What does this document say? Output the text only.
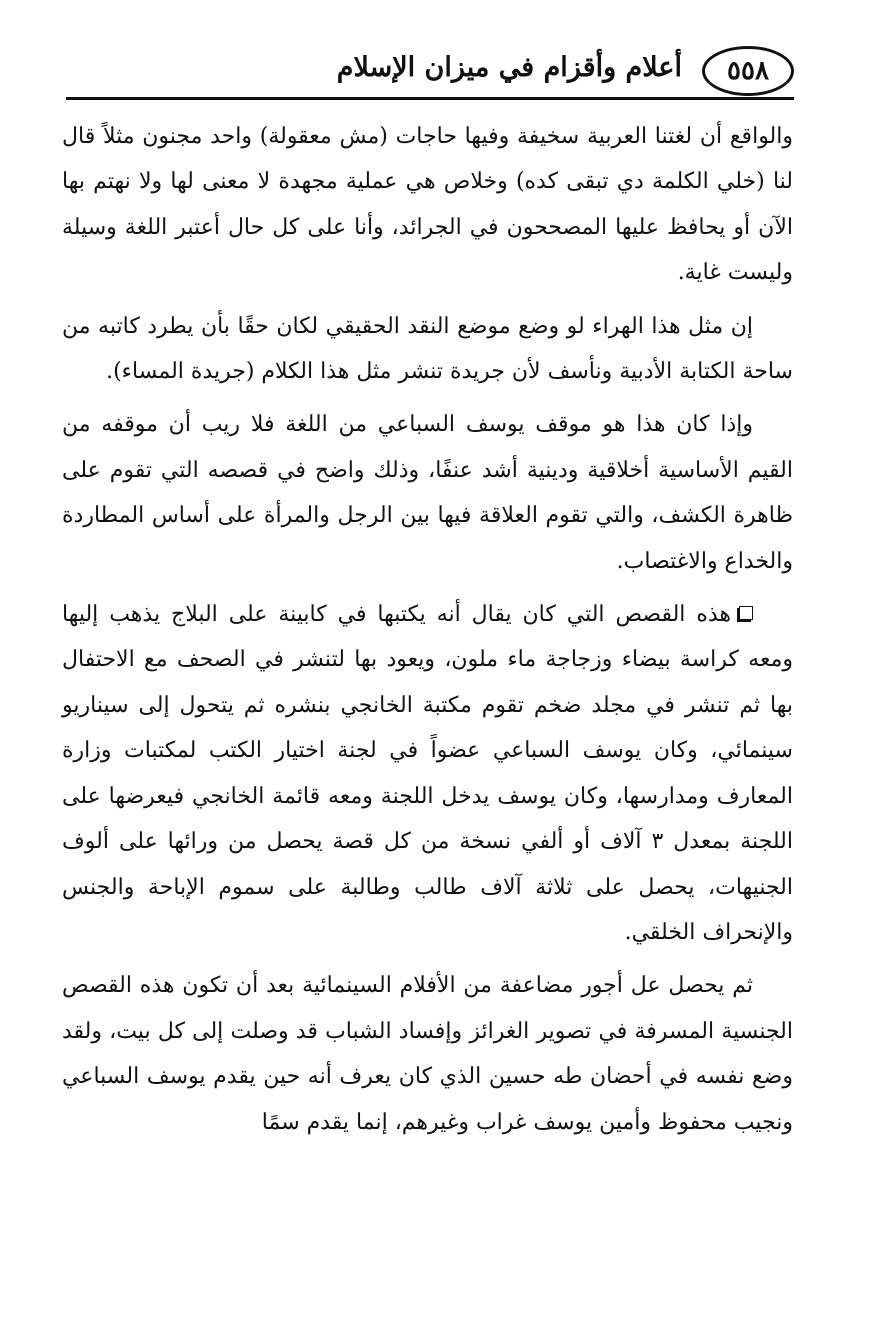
٥٥٨
أعلام وأقزام في ميزان الإسلام

والواقع أن لغتنا العربية سخيفة وفيها حاجات (مش معقولة) واحد مجنون مثلاً قال لنا (خلي الكلمة دي تبقى كده) وخلاص هي عملية مجهدة لا معنى لها ولا نهتم بها الآن أو يحافظ عليها المصححون في الجرائد، وأنا على كل حال أعتبر اللغة وسيلة وليست غاية.

إن مثل هذا الهراء لو وضع موضع النقد الحقيقي لكان حقًا بأن يطرد كاتبه من ساحة الكتابة الأدبية ونأسف لأن جريدة تنشر مثل هذا الكلام (جريدة المساء).

وإذا كان هذا هو موقف يوسف السباعي من اللغة فلا ريب أن موقفه من القيم الأساسية أخلاقية ودينية أشد عنفًا، وذلك واضح في قصصه التي تقوم على ظاهرة الكشف، والتي تقوم العلاقة فيها بين الرجل والمرأة على أساس المطاردة والخداع والاغتصاب.

هذه القصص التي كان يقال أنه يكتبها في كابينة على البلاج يذهب إليها ومعه كراسة بيضاء وزجاجة ماء ملون، ويعود بها لتنشر في الصحف مع الاحتفال بها ثم تنشر في مجلد ضخم تقوم مكتبة الخانجي بنشره ثم يتحول إلى سيناريو سينمائي، وكان يوسف السباعي عضواً في لجنة اختيار الكتب لمكتبات وزارة المعارف ومدارسها، وكان يوسف يدخل اللجنة ومعه قائمة الخانجي فيعرضها على اللجنة بمعدل ٣ آلاف أو ألفي نسخة من كل قصة يحصل من ورائها على ألوف الجنيهات، يحصل على ثلاثة آلاف طالب وطالبة على سموم الإباحة والجنس والإنحراف الخلقي.

ثم يحصل عل أجور مضاعفة من الأفلام السينمائية بعد أن تكون هذه القصص الجنسية المسرفة في تصوير الغرائز وإفساد الشباب قد وصلت إلى كل بيت، ولقد وضع نفسه في أحضان طه حسين الذي كان يعرف أنه حين يقدم يوسف السباعي ونجيب محفوظ وأمين يوسف غراب وغيرهم، إنما يقدم سمًا
